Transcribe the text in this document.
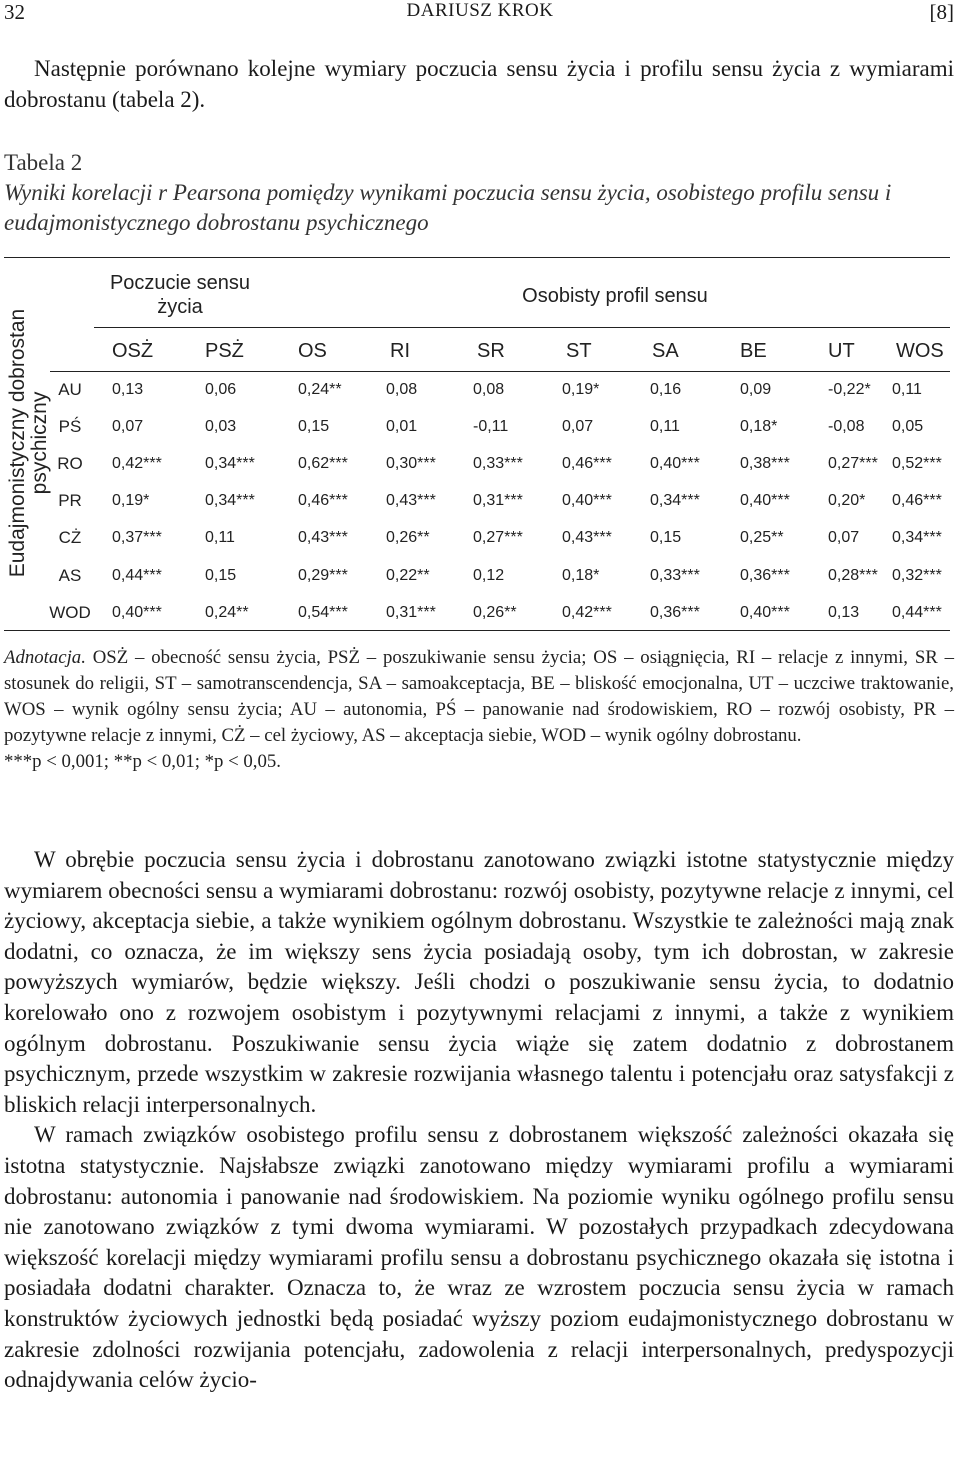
32	DARIUSZ KROK	[8]

Następnie porównano kolejne wymiary poczucia sensu życia i profilu sensu życia z wymiarami dobrostanu (tabela 2).

Tabela 2
Wyniki korelacji r Pearsona pomiędzy wynikami poczucia sensu życia, osobistego profilu sensu i eudajmonistycznego dobrostanu psychicznego
Eudajmonistyczny dobrostan psychiczny
Poczucie sensu życia	Osobisty profil sensu
OSŻ	PSŻ	OS	RI	SR	ST	SA	BE	UT WOS
AU	0,13	0,06	0,24**	0,08	0,08	0,19*	0,16	0,09	-0,22* 0,11
PŚ	0,07	0,03	0,15	0,01	-0,11	0,07	0,11	0,18*	-0,08 0,05
RO	0,42***	0,34***	0,62*** 0,30*** 0,33*** 0,46*** 0,40***	0,38*** 0,27*** 0,52***
PR	0,19*	0,34***	0,46*** 0,43*** 0,31*** 0,40*** 0,34***	0,40*** 0,20* 0,46***
CŻ	0,37***	0,11	0,43*** 0,26**	0,27*** 0,43*** 0,15	0,25**	0,07 0,34***
AS	0,44***	0,15	0,29*** 0,22**	0,12	0,18*	0,33***	0,36*** 0,28*** 0,32***
WOD 0,40***	0,24**	0,54*** 0,31*** 0,26**	0,42*** 0,36***	0,40*** 0,13 0,44***

Adnotacja. OSŻ – obecność sensu życia, PSŻ – poszukiwanie sensu życia; OS – osiągnięcia, RI – relacje z innymi, SR – stosunek do religii, ST – samotranscendencja, SA – samoakceptacja, BE – bliskość emocjonalna, UT – uczciwe traktowanie, WOS – wynik ogólny sensu życia; AU – autonomia, PŚ – panowanie nad środowiskiem, RO – rozwój osobisty, PR – pozytywne relacje z innymi, CŻ – cel życiowy, AS – akceptacja siebie, WOD – wynik ogólny dobrostanu.

***p < 0,001; **p < 0,01; *p < 0,05.

W obrębie poczucia sensu życia i dobrostanu zanotowano związki istotne statystycznie między wymiarem obecności sensu a wymiarami dobrostanu: rozwój osobisty, pozytywne relacje z innymi, cel życiowy, akceptacja siebie, a także wynikiem ogólnym dobrostanu. Wszystkie te zależności mają znak dodatni, co oznacza, że im większy sens życia posiadają osoby, tym ich dobrostan, w zakresie powyższych wymiarów, będzie większy. Jeśli chodzi o poszukiwanie sensu życia, to dodatnio korelowało ono z rozwojem osobistym i pozytywnymi relacjami z innymi, a także z wynikiem ogólnym dobrostanu. Poszukiwanie sensu życia wiąże się zatem dodatnio z dobrostanem psychicznym, przede wszystkim w zakresie rozwijania własnego talentu i potencjału oraz satysfakcji z bliskich relacji interpersonalnych.

W ramach związków osobistego profilu sensu z dobrostanem większość zależności okazała się istotna statystycznie. Najsłabsze związki zanotowano między wymiarami profilu a wymiarami dobrostanu: autonomia i panowanie nad środowiskiem. Na poziomie wyniku ogólnego profilu sensu nie zanotowano związków z tymi dwoma wymiarami. W pozostałych przypadkach zdecydowana większość korelacji między wymiarami profilu sensu a dobrostanu psychicznego okazała się istotna i posiadała dodatni charakter. Oznacza to, że wraz ze wzrostem poczucia sensu życia w ramach konstruktów życiowych jednostki będą posiadać wyższy poziom eudajmonistycznego dobrostanu w zakresie zdolności rozwijania potencjału, zadowolenia z relacji interpersonalnych, predyspozycji odnajdywania celów życio-
